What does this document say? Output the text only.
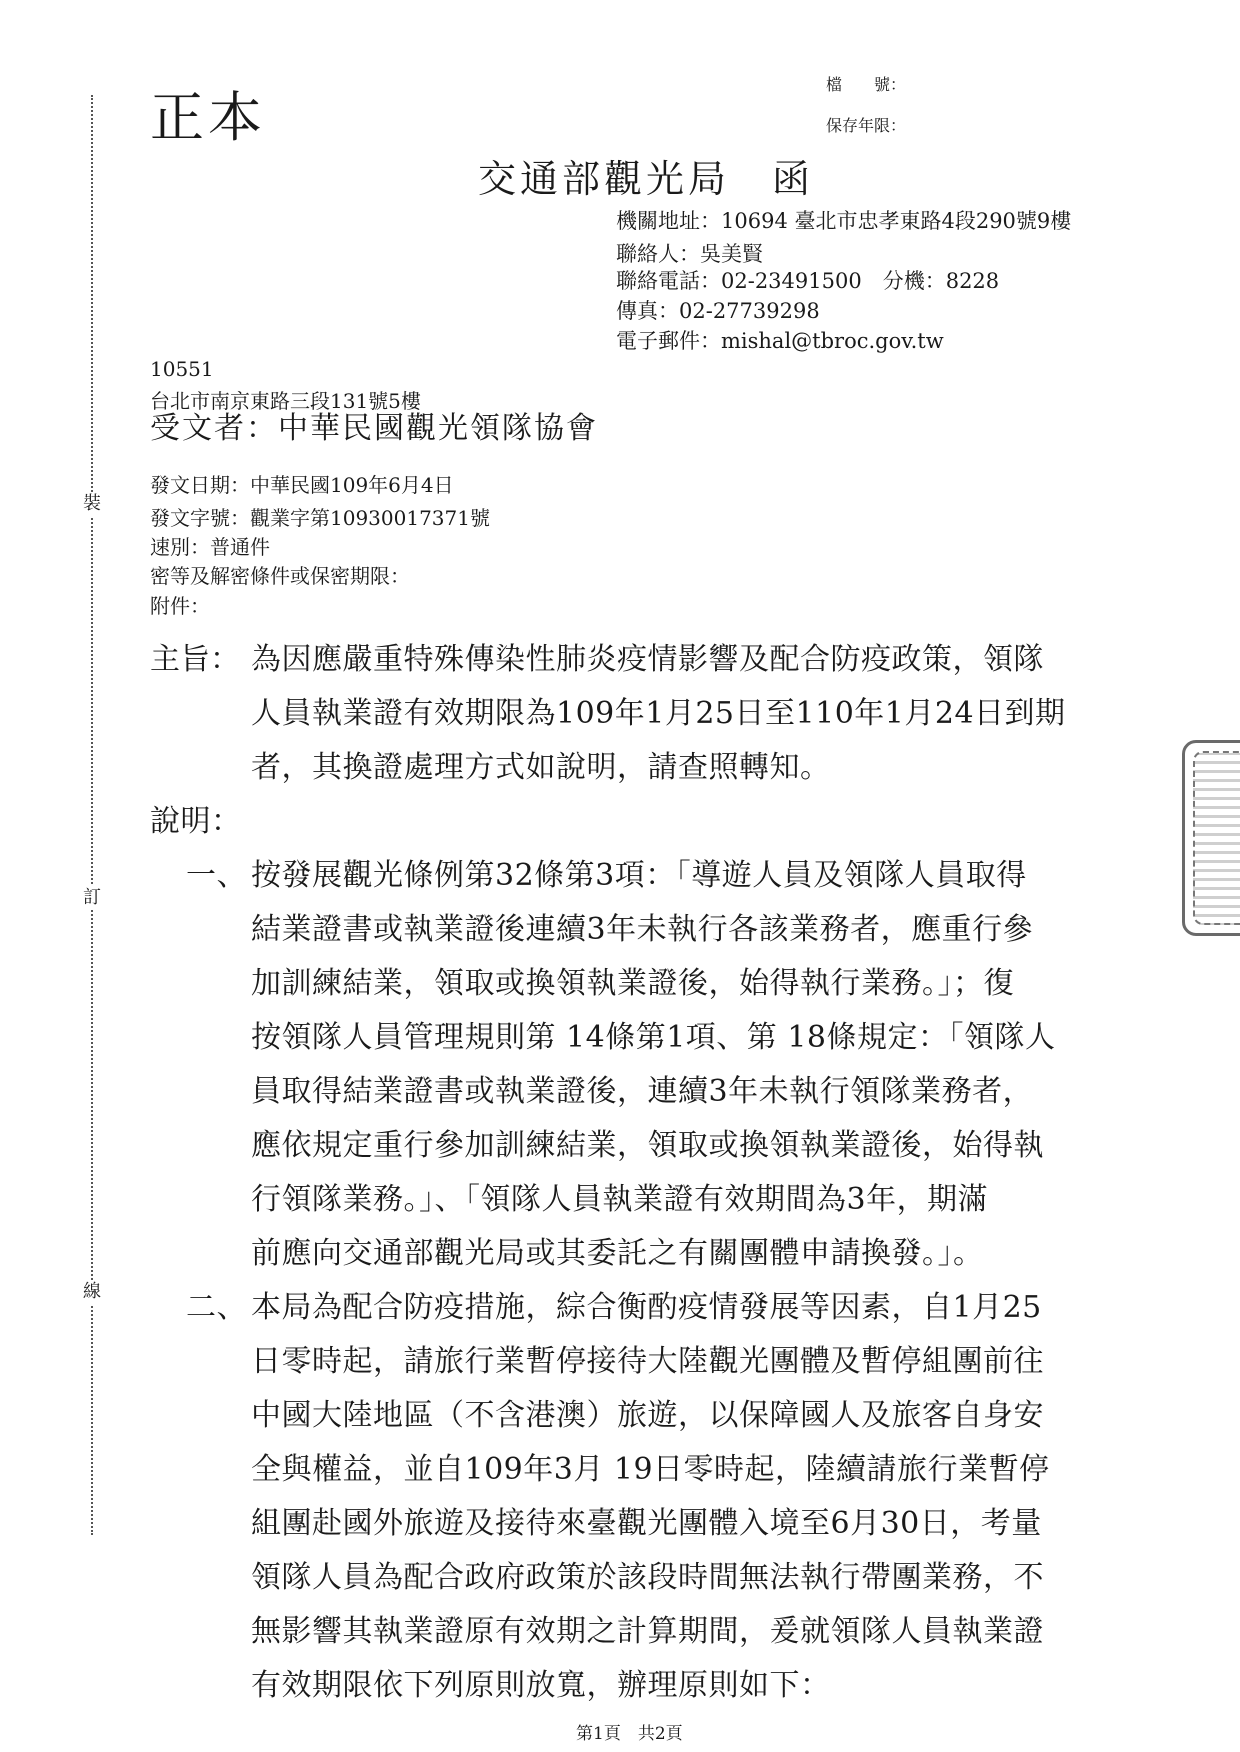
裝
訂
線
正本
檔　　號：
保存年限：
交通部觀光局　函
機關地址：10694 臺北市忠孝東路4段290號9樓
聯絡人：吳美賢
聯絡電話：02-23491500　分機：8228
傳真：02-27739298
電子郵件：mishal@tbroc.gov.tw
10551
台北市南京東路三段131號5樓
受文者：中華民國觀光領隊協會
發文日期：中華民國109年6月4日
發文字號：觀業字第10930017371號
速別：普通件
密等及解密條件或保密期限：
附件：
主旨： 為因應嚴重特殊傳染性肺炎疫情影響及配合防疫政策，領隊
人員執業證有效期限為109年1月25日至110年1月24日到期
者，其換證處理方式如說明，請查照轉知。
說明：
一、 按發展觀光條例第32條第3項：「導遊人員及領隊人員取得
結業證書或執業證後連續3年未執行各該業務者，應重行參
加訓練結業，領取或換領執業證後，始得執行業務。」；復
按領隊人員管理規則第 14條第1項、第 18條規定：「領隊人
員取得結業證書或執業證後，連續3年未執行領隊業務者，
應依規定重行參加訓練結業，領取或換領執業證後，始得執
行領隊業務。」、「領隊人員執業證有效期間為3年，期滿
前應向交通部觀光局或其委託之有關團體申請換發。」。
二、 本局為配合防疫措施，綜合衡酌疫情發展等因素，自1月25
日零時起，請旅行業暫停接待大陸觀光團體及暫停組團前往
中國大陸地區（不含港澳）旅遊，以保障國人及旅客自身安
全與權益，並自109年3月 19日零時起，陸續請旅行業暫停
組團赴國外旅遊及接待來臺觀光團體入境至6月30日，考量
領隊人員為配合政府政策於該段時間無法執行帶團業務，不
無影響其執業證原有效期之計算期間，爰就領隊人員執業證
有效期限依下列原則放寬，辦理原則如下：
第1頁　共2頁
